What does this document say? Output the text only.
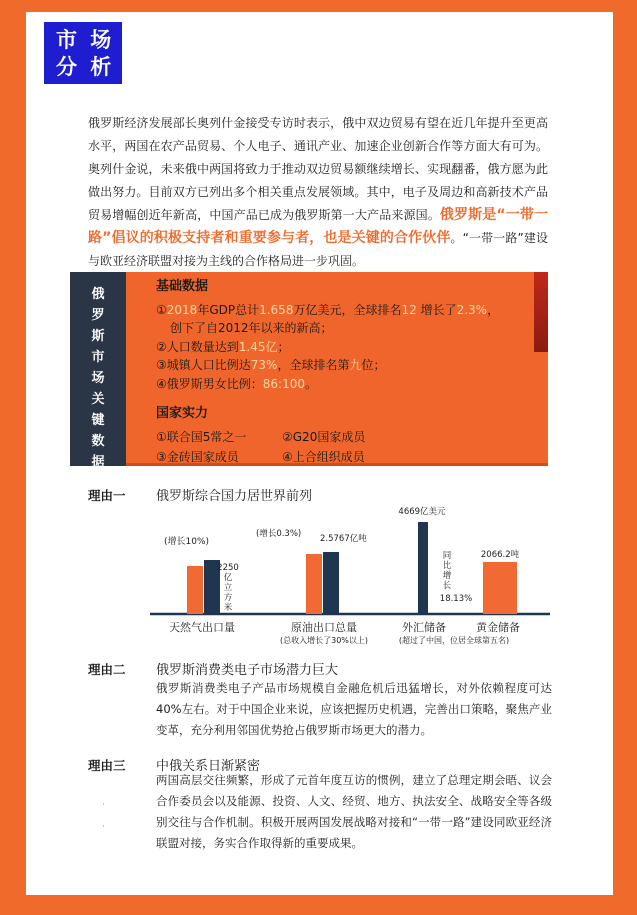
市 场
分 析
俄罗斯经济发展部长奥列什金接受专访时表示，俄中双边贸易有望在近几年提升至更高水平，两国在农产品贸易、个人电子、通讯产业、加速企业创新合作等方面大有可为。奥列什金说，未来俄中两国将致力于推动双边贸易额继续增长、实现翻番，俄方愿为此做出努力。目前双方已列出多个相关重点发展领域。其中，电子及周边和高新技术产品贸易增幅创近年新高，中国产品已成为俄罗斯第一大产品来源国。俄罗斯是“一带一路”倡议的积极支持者和重要参与者，也是关键的合作伙伴。“一带一路”建设与欧亚经济联盟对接为主线的合作格局进一步巩固。
俄
罗
斯
市
场
关
键
数
据
基础数据
①2018年GDP总计1.658万亿美元，全球排名12 增长了2.3%，
创下了自2012年以来的新高；
②人口数量达到1.45亿；
③城镇人口比例达73%，全球排名第九位；
④俄罗斯男女比例：86:100。
国家实力
①联合国5常之一	②G20国家成员
③金砖国家成员	④上合组织成员
理由一 俄罗斯综合国力居世界前列
(增长10%)
2250
亿
立
方
米
(增长0.3%) 2.5767亿吨
4669亿美元
同
比
增
长
18.13%
2066.2吨
天然气出口量	原油出口总量
(总收入增长了30%以上)
外汇储备
(超过了中国，位居全球第五名)
黄金储备
理由二 俄罗斯消费类电子市场潜力巨大
俄罗斯消费类电子产品市场规模自金融危机后迅猛增长，对外依赖程度可达40%左右。对于中国企业来说，应该把握历史机遇，完善出口策略，聚焦产业变革，充分利用邻国优势抢占俄罗斯市场更大的潜力。
理由三 中俄关系日渐紧密
两国高层交往频繁，形成了元首年度互访的惯例，建立了总理定期会晤、议会合作委员会以及能源、投资、人文、经贸、地方、执法安全、战略安全等各级别交往与合作机制。积极开展两国发展战略对接和“一带一路”建设同欧亚经济联盟对接，务实合作取得新的重要成果。
·

·
